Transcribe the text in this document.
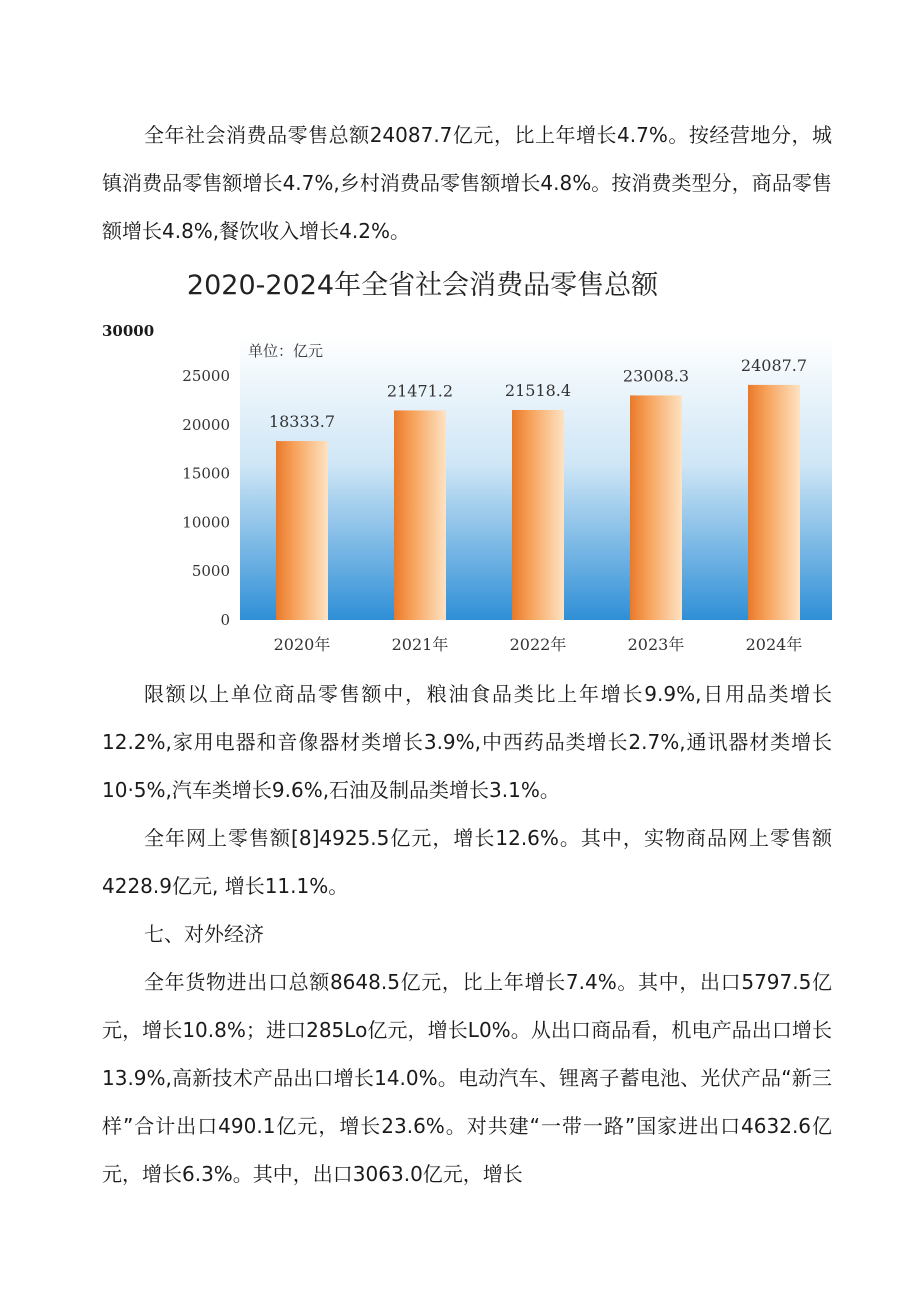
全年社会消费品零售总额24087.7亿元，比上年增长4.7%。按经营地分，城镇消费品零售额增长4.7%,乡村消费品零售额增长4.8%。按消费类型分，商品零售额增长4.8%,餐饮收入增长4.2%。

2020-2024年全省社会消费品零售总额
30000
单位：亿元
0
5000
10000
15000
20000
25000
18333.7
21471.2	21518.4
23008.3
24087.7
2020年	2021年	2022年	2023年	2024年

限额以上单位商品零售额中，粮油食品类比上年增长9.9%,日用品类增长12.2%,家用电器和音像器材类增长3.9%,中西药品类增长2.7%,通讯器材类增长10·5%,汽车类增长9.6%,石油及制品类增长3.1%。

全年网上零售额[8]4925.5亿元，增长12.6%。其中，实物商品网上零售额4228.9亿元, 增长11.1%。

七、对外经济

全年货物进出口总额8648.5亿元，比上年增长7.4%。其中，出口5797.5亿元，增长10.8%；进口285Lo亿元，增长L0%。从出口商品看，机电产品出口增长13.9%,高新技术产品出口增长14.0%。电动汽车、锂离子蓄电池、光伏产品“新三样”合计出口490.1亿元，增长23.6%。对共建“一带一路”国家进出口4632.6亿元，增长6.3%。其中，出口3063.0亿元，增长
